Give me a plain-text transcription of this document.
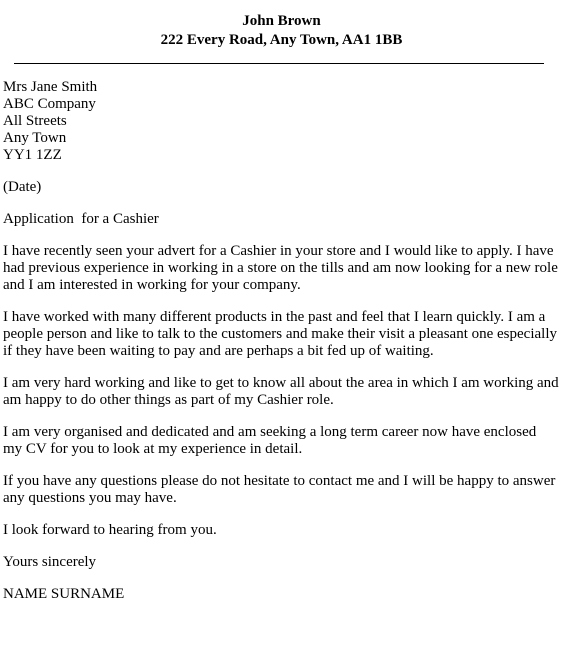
John Brown
222 Every Road, Any Town, AA1 1BB
Mrs Jane Smith
ABC Company
All Streets
Any Town
YY1 1ZZ

(Date)

Application  for a Cashier

I have recently seen your advert for a Cashier in your store and I would like to apply. I have had previous experience in working in a store on the tills and am now looking for a new role and I am interested in working for your company.

I have worked with many different products in the past and feel that I learn quickly. I am a people person and like to talk to the customers and make their visit a pleasant one especially if they have been waiting to pay and are perhaps a bit fed up of waiting.

I am very hard working and like to get to know all about the area in which I am working and am happy to do other things as part of my Cashier role.

I am very organised and dedicated and am seeking a long term career now have enclosed my CV for you to look at my experience in detail.

If you have any questions please do not hesitate to contact me and I will be happy to answer any questions you may have.

I look forward to hearing from you.

Yours sincerely

NAME SURNAME
